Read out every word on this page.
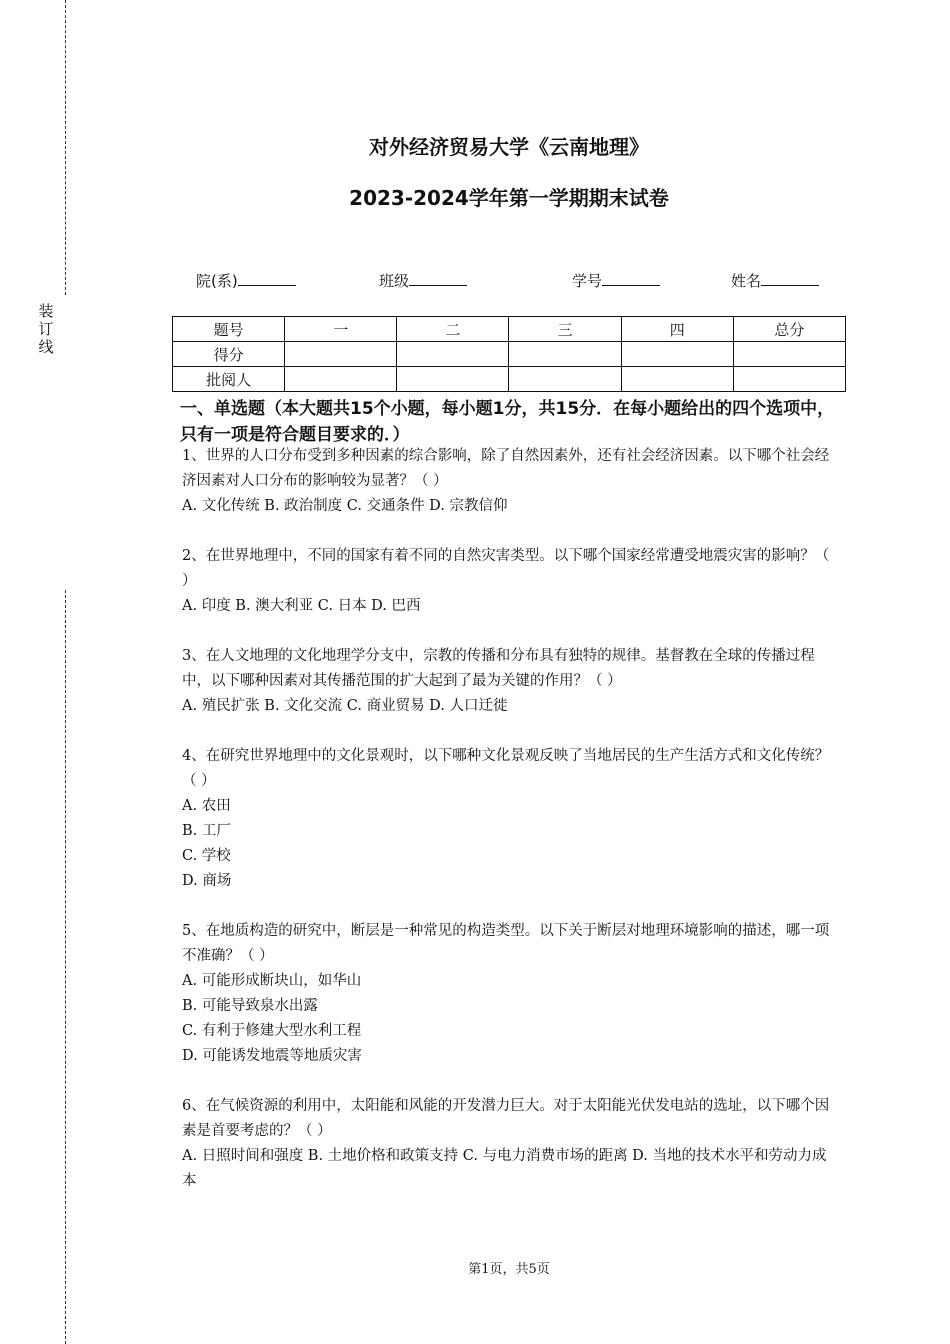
装
订
线
对外经济贸易大学《云南地理》
2023-2024学年第一学期期末试卷
院(系)	班级	学号	姓名
题号	一	二	三	四	总分
得分					
批阅人					
一、单选题（本大题共15个小题，每小题1分，共15分．在每小题给出的四个选项中，只有一项是符合题目要求的．）

1、世界的人口分布受到多种因素的综合影响，除了自然因素外，还有社会经济因素。以下哪个社会经济因素对人口分布的影响较为显著？（ ）

A. 文化传统 B. 政治制度 C. 交通条件 D. 宗教信仰

2、在世界地理中，不同的国家有着不同的自然灾害类型。以下哪个国家经常遭受地震灾害的影响？（ ）

A. 印度 B. 澳大利亚 C. 日本 D. 巴西

3、在人文地理的文化地理学分支中，宗教的传播和分布具有独特的规律。基督教在全球的传播过程中，以下哪种因素对其传播范围的扩大起到了最为关键的作用？（ ）

A. 殖民扩张 B. 文化交流 C. 商业贸易 D. 人口迁徙

4、在研究世界地理中的文化景观时，以下哪种文化景观反映了当地居民的生产生活方式和文化传统？（ ）

A. 农田

B. 工厂

C. 学校

D. 商场

5、在地质构造的研究中，断层是一种常见的构造类型。以下关于断层对地理环境影响的描述，哪一项不准确？（ ）

A. 可能形成断块山，如华山

B. 可能导致泉水出露

C. 有利于修建大型水利工程

D. 可能诱发地震等地质灾害

6、在气候资源的利用中，太阳能和风能的开发潜力巨大。对于太阳能光伏发电站的选址，以下哪个因素是首要考虑的？（ ）

A. 日照时间和强度 B. 土地价格和政策支持 C. 与电力消费市场的距离 D. 当地的技术水平和劳动力成本

第1页，共5页
